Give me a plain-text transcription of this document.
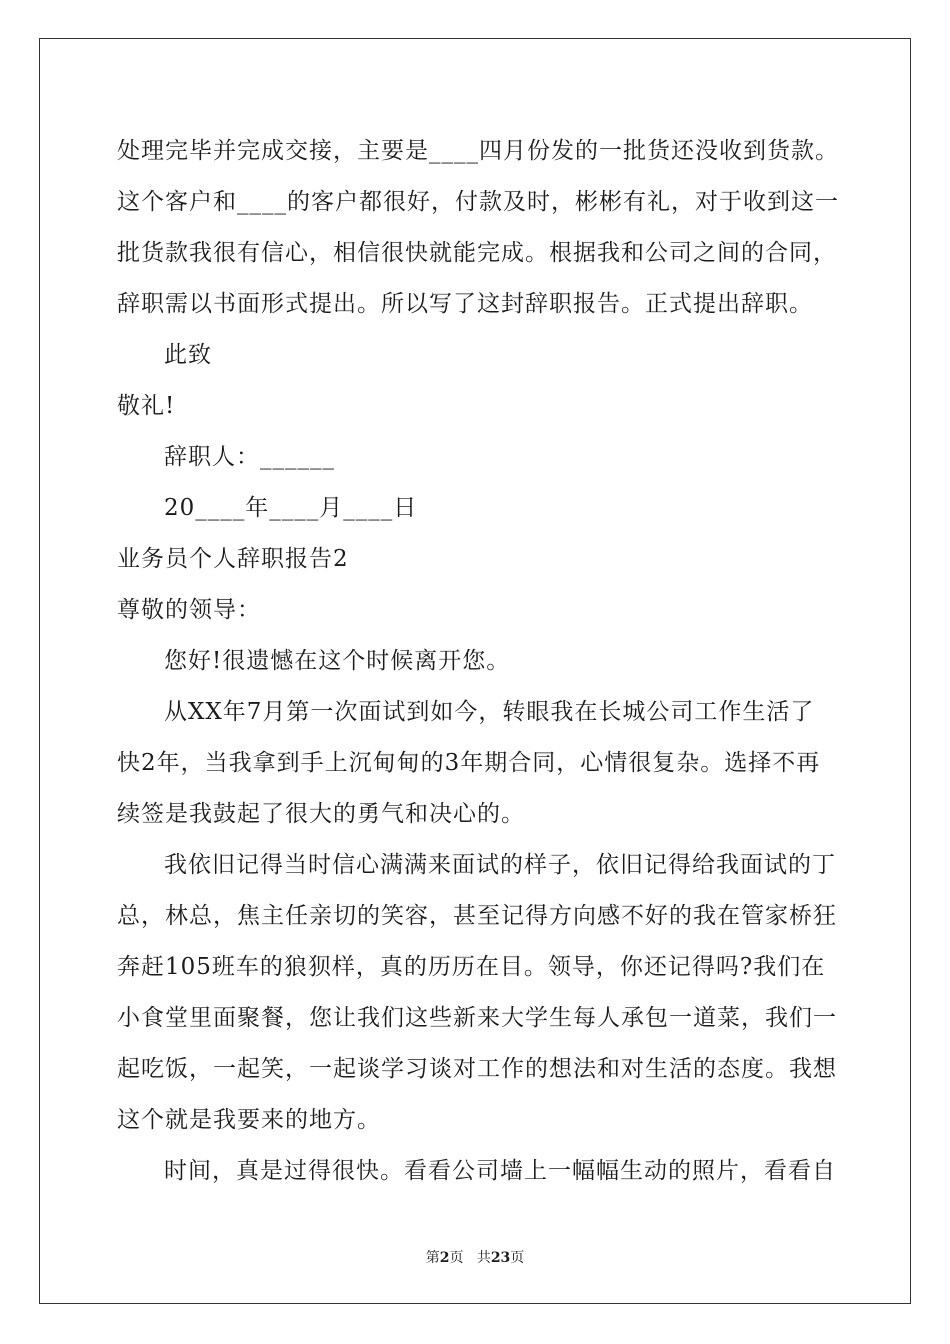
处理完毕并完成交接，主要是____四月份发的一批货还没收到货款。
这个客户和____的客户都很好，付款及时，彬彬有礼，对于收到这一
批货款我很有信心，相信很快就能完成。根据我和公司之间的合同，
辞职需以书面形式提出。所以写了这封辞职报告。正式提出辞职。
此致
敬礼!
辞职人：______
20____年____月____日
业务员个人辞职报告2
尊敬的领导：
您好!很遗憾在这个时候离开您。
从XX年7月第一次面试到如今，转眼我在长城公司工作生活了
快2年，当我拿到手上沉甸甸的3年期合同，心情很复杂。选择不再
续签是我鼓起了很大的勇气和决心的。
我依旧记得当时信心满满来面试的样子，依旧记得给我面试的丁
总，林总，焦主任亲切的笑容，甚至记得方向感不好的我在管家桥狂
奔赶105班车的狼狈样，真的历历在目。领导，你还记得吗?我们在
小食堂里面聚餐，您让我们这些新来大学生每人承包一道菜，我们一
起吃饭，一起笑，一起谈学习谈对工作的想法和对生活的态度。我想
这个就是我要来的地方。
时间，真是过得很快。看看公司墙上一幅幅生动的照片，看看自
第2页 共23页
